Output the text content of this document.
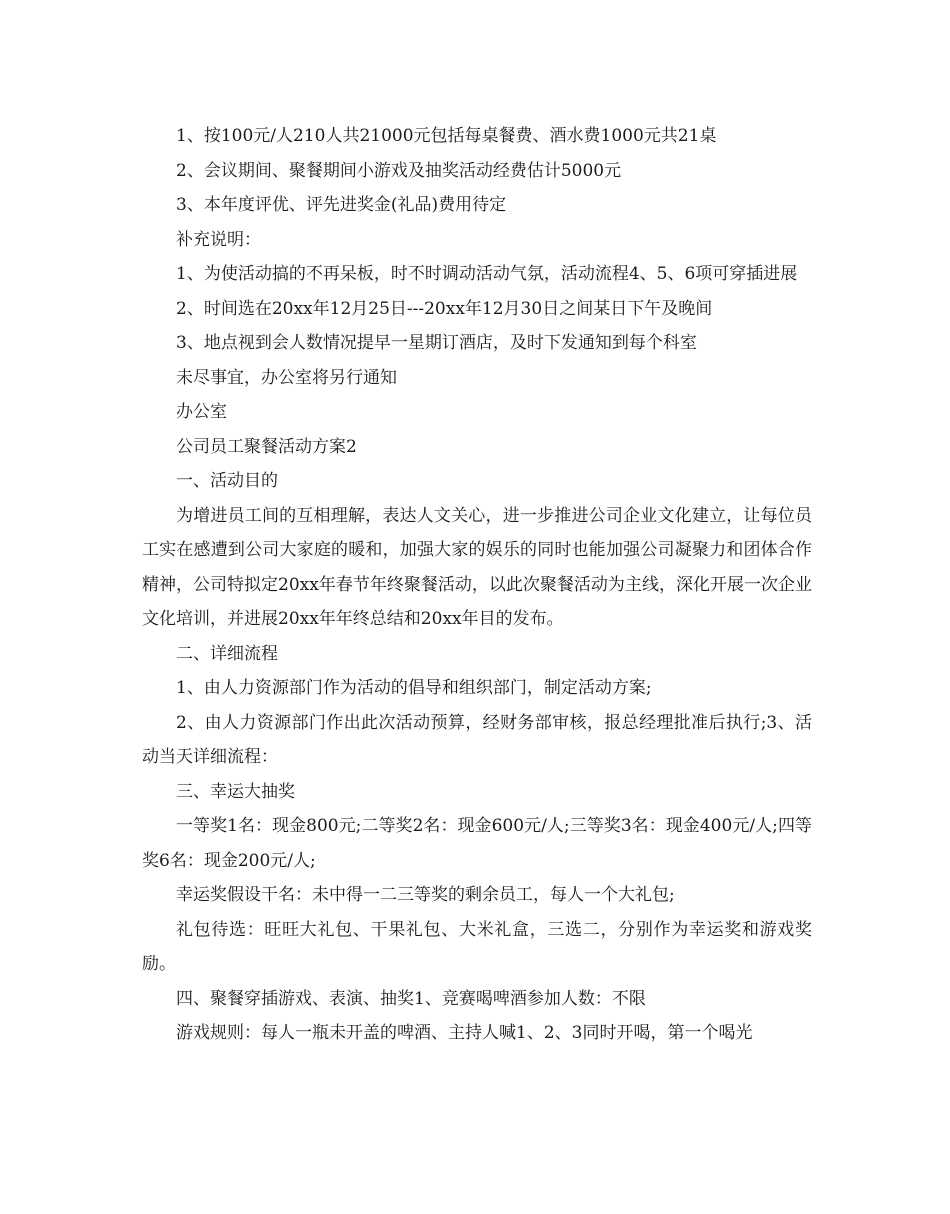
1、按100元/人210人共21000元包括每桌餐费、酒水费1000元共21桌

2、会议期间、聚餐期间小游戏及抽奖活动经费估计5000元

3、本年度评优、评先进奖金(礼品)费用待定

补充说明：

1、为使活动搞的不再呆板，时不时调动活动气氛，活动流程4、5、6项可穿插进展

2、时间选在20xx年12月25日---20xx年12月30日之间某日下午及晚间

3、地点视到会人数情况提早一星期订酒店，及时下发通知到每个科室

未尽事宜，办公室将另行通知

办公室

公司员工聚餐活动方案2

一、活动目的

为增进员工间的互相理解，表达人文关心，进一步推进公司企业文化建立，让每位员工实在感遭到公司大家庭的暖和，加强大家的娱乐的同时也能加强公司凝聚力和团体合作精神，公司特拟定20xx年春节年终聚餐活动，以此次聚餐活动为主线，深化开展一次企业文化培训，并进展20xx年年终总结和20xx年目的发布。

二、详细流程

1、由人力资源部门作为活动的倡导和组织部门，制定活动方案;

2、由人力资源部门作出此次活动预算，经财务部审核，报总经理批准后执行;3、活动当天详细流程：

三、幸运大抽奖

一等奖1名：现金800元;二等奖2名：现金600元/人;三等奖3名：现金400元/人;四等奖6名：现金200元/人;

幸运奖假设干名：未中得一二三等奖的剩余员工，每人一个大礼包;

礼包待选：旺旺大礼包、干果礼包、大米礼盒，三选二，分别作为幸运奖和游戏奖励。

四、聚餐穿插游戏、表演、抽奖1、竞赛喝啤酒参加人数：不限

游戏规则：每人一瓶未开盖的啤酒、主持人喊1、2、3同时开喝，第一个喝光
